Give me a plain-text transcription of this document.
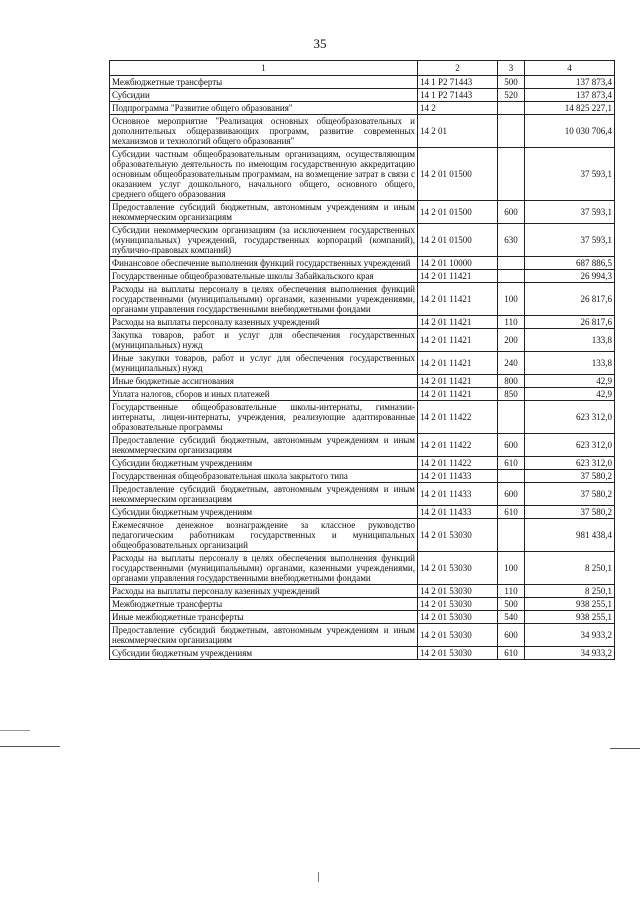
35
1	2	3	4
Межбюджетные трансферты	14 1 P2 71443	500	137 873,4
Субсидии	14 1 P2 71443	520	137 873,4
Подпрограмма "Развитие общего образования"	14 2		14 825 227,1
Основное мероприятие "Реализация основных общеобразовательных и дополнительных общеразвивающих программ, развитие современных механизмов и технологий общего образования"	14 2 01		10 030 706,4
Субсидии частным общеобразовательным организациям, осуществляющим образовательную деятельность по имеющим государственную аккредитацию основным общеобразовательным программам, на возмещение затрат в связи с оказанием услуг дошкольного, начального общего, основного общего, среднего общего образования	14 2 01 01500		37 593,1
Предоставление субсидий бюджетным, автономным учреждениям и иным некоммерческим организациям	14 2 01 01500	600	37 593,1
Субсидии некоммерческим организациям (за исключением государственных (муниципальных) учреждений, государственных корпораций (компаний), публично-правовых компаний)	14 2 01 01500	630	37 593,1
Финансовое обеспечение выполнения функций государственных учреждений	14 2 01 10000		687 886,5
Государственные общеобразовательные школы Забайкальского края	14 2 01 11421		26 994,3
Расходы на выплаты персоналу в целях обеспечения выполнения функций государственными (муниципальными) органами, казенными учреждениями, органами управления государственными внебюджетными фондами	14 2 01 11421	100	26 817,6
Расходы на выплаты персоналу казенных учреждений	14 2 01 11421	110	26 817,6
Закупка товаров, работ и услуг для обеспечения государственных (муниципальных) нужд	14 2 01 11421	200	133,8
Иные закупки товаров, работ и услуг для обеспечения государственных (муниципальных) нужд	14 2 01 11421	240	133,8
Иные бюджетные ассигнования	14 2 01 11421	800	42,9
Уплата налогов, сборов и иных платежей	14 2 01 11421	850	42,9
Государственные общеобразовательные школы-интернаты, гимназии-интернаты, лицеи-интернаты, учреждения, реализующие адаптированные образовательные программы	14 2 01 11422		623 312,0
Предоставление субсидий бюджетным, автономным учреждениям и иным некоммерческим организациям	14 2 01 11422	600	623 312,0
Субсидии бюджетным учреждениям	14 2 01 11422	610	623 312,0
Государственная общеобразовательная школа закрытого типа	14 2 01 11433		37 580,2
Предоставление субсидий бюджетным, автономным учреждениям и иным некоммерческим организациям	14 2 01 11433	600	37 580,2
Субсидии бюджетным учреждениям	14 2 01 11433	610	37 580,2
Ежемесячное денежное вознаграждение за классное руководство педагогическим работникам государственных и муниципальных общеобразовательных организаций	14 2 01 53030		981 438,4
Расходы на выплаты персоналу в целях обеспечения выполнения функций государственными (муниципальными) органами, казенными учреждениями, органами управления государственными внебюджетными фондами	14 2 01 53030	100	8 250,1
Расходы на выплаты персоналу казенных учреждений	14 2 01 53030	110	8 250,1
Межбюджетные трансферты	14 2 01 53030	500	938 255,1
Иные межбюджетные трансферты	14 2 01 53030	540	938 255,1
Предоставление субсидий бюджетным, автономным учреждениям и иным некоммерческим организациям	14 2 01 53030	600	34 933,2
Субсидии бюджетным учреждениям	14 2 01 53030	610	34 933,2
